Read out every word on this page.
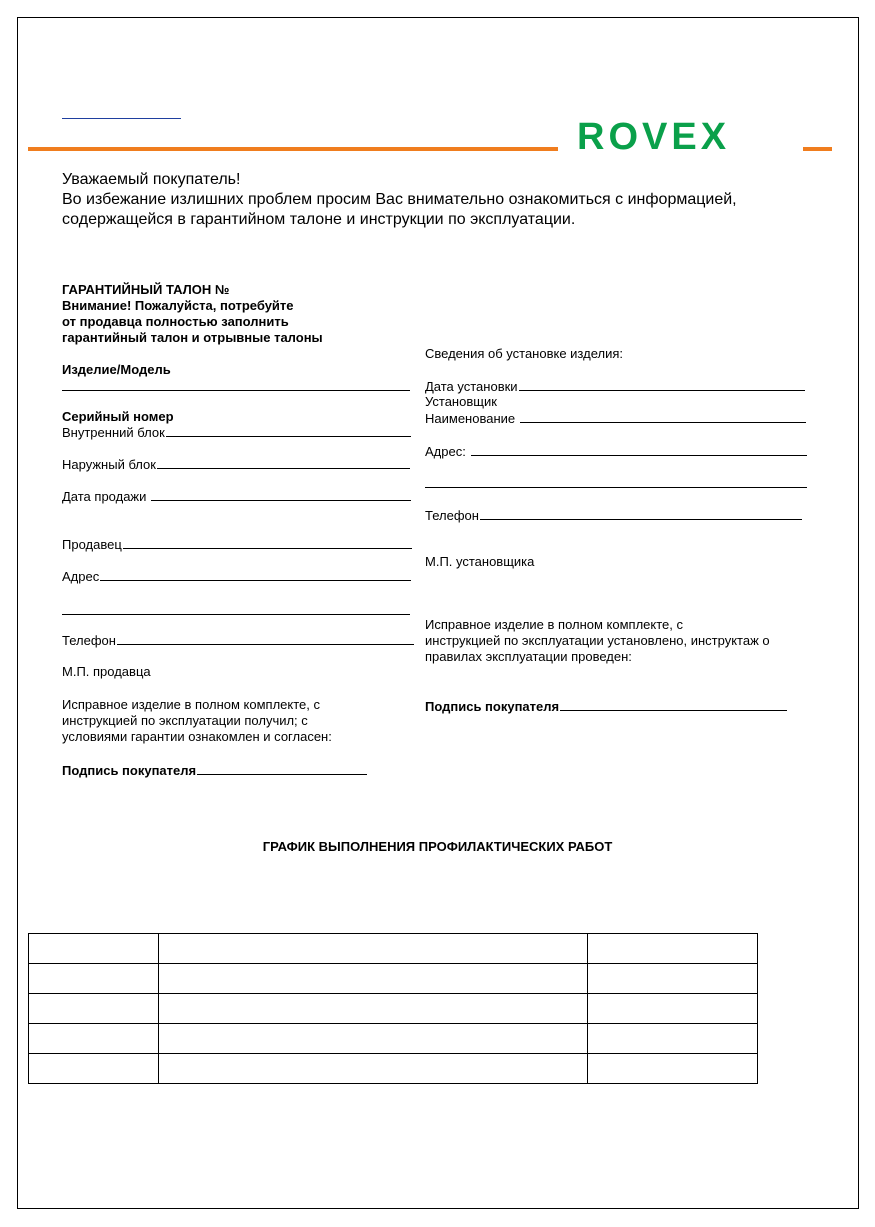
ROVEX
Уважаемый покупатель!
Во избежание излишних проблем просим Вас внимательно ознакомиться с информацией,
содержащейся в гарантийном талоне и инструкции по эксплуатации.
ГАРАНТИЙНЫЙ ТАЛОН №
Внимание! Пожалуйста, потребуйте
от продавца полностью заполнить
гарантийный талон и отрывные талоны
Изделие/Модель
Серийный номер
Внутренний блок
Наружный блок
Дата продажи
Продавец
Адрес
Телефон
М.П. продавца
Исправное изделие в полном комплекте, с
инструкцией по эксплуатации получил; с
условиями гарантии ознакомлен и согласен:
Подпись покупателя
Сведения об установке изделия:
Дата установки
Установщик
Наименование
Адрес:
Телефон
М.П. установщика
Исправное изделие в полном комплекте, с
инструкцией по эксплуатации установлено, инструктаж о
правилах эксплуатации проведен:
Подпись покупателя
ГРАФИК ВЫПОЛНЕНИЯ ПРОФИЛАКТИЧЕСКИХ РАБОТ
